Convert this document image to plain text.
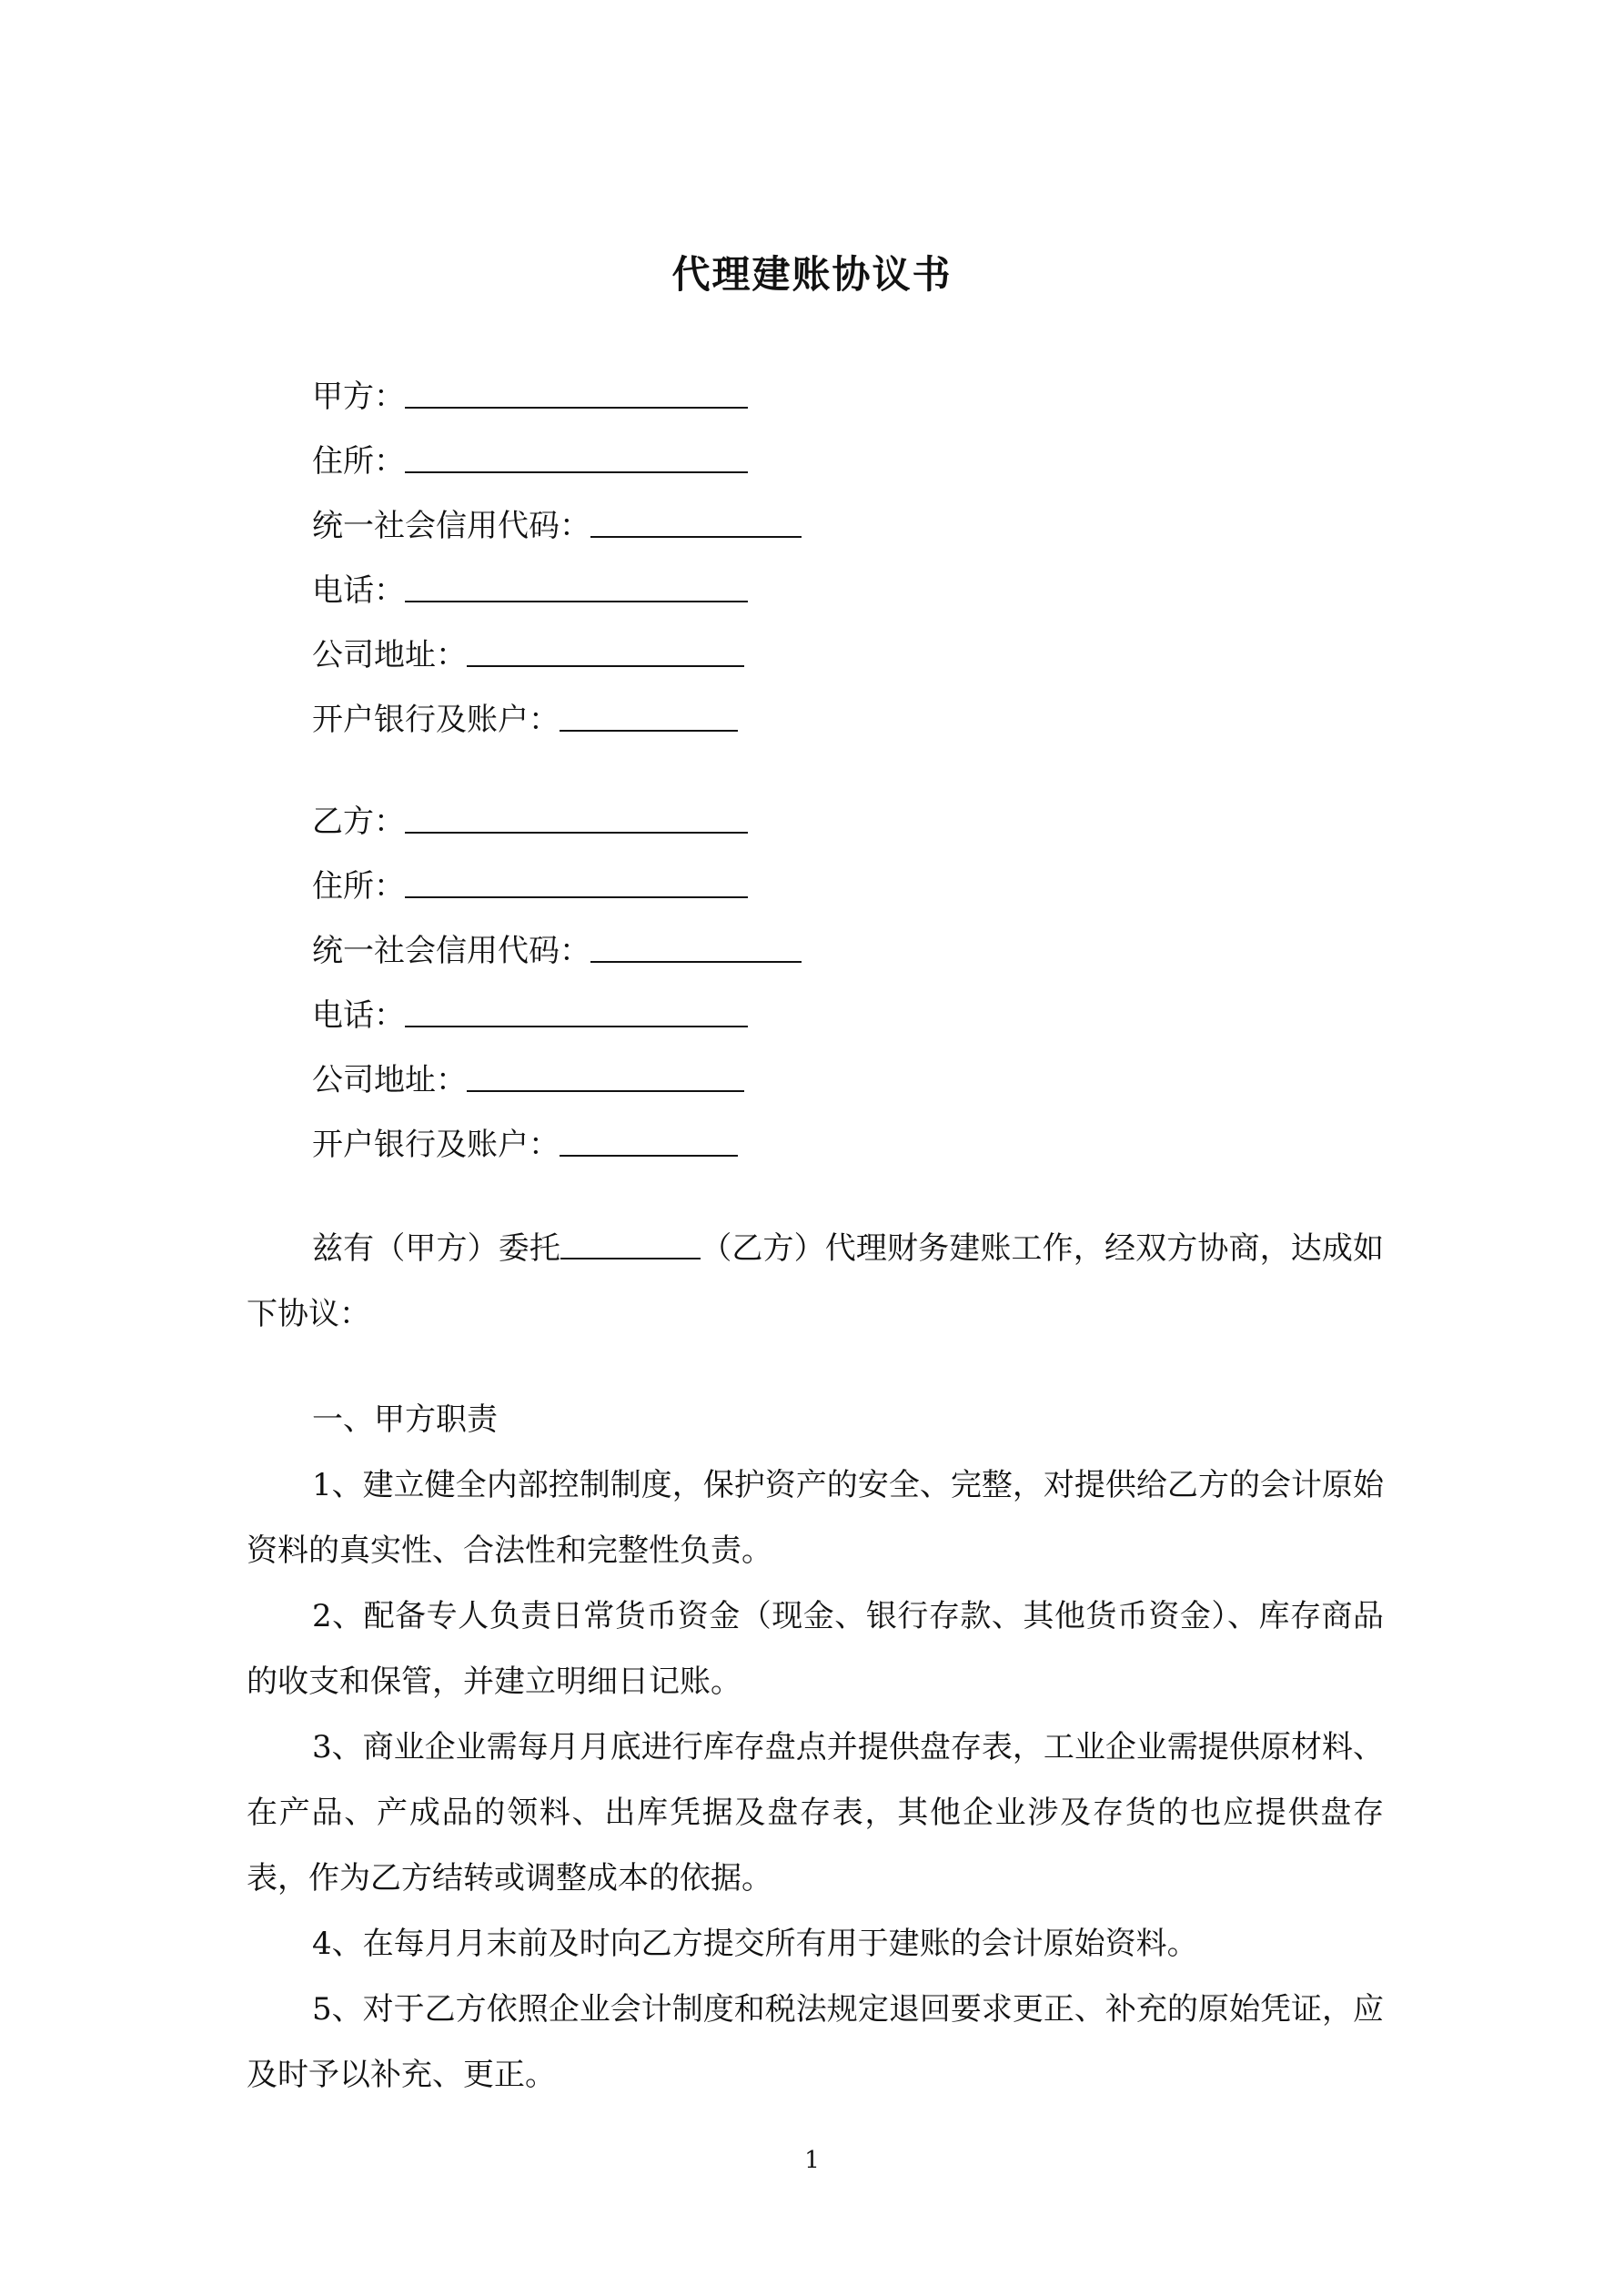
代理建账协议书
甲方：
住所：
统一社会信用代码：
电话：
公司地址：
开户银行及账户：
乙方：
住所：
统一社会信用代码：
电话：
公司地址：
开户银行及账户：

兹有（甲方）委托	（乙方）代理财务建账工作，经双方协商，达成如下协议：

一、甲方职责

1、建立健全内部控制制度，保护资产的安全、完整，对提供给乙方的会计原始资料的真实性、合法性和完整性负责。

2、配备专人负责日常货币资金（现金、银行存款、其他货币资金）、库存商品的收支和保管，并建立明细日记账。

3、商业企业需每月月底进行库存盘点并提供盘存表，工业企业需提供原材料、在产品、产成品的领料、出库凭据及盘存表，其他企业涉及存货的也应提供盘存表，作为乙方结转或调整成本的依据。

4、在每月月末前及时向乙方提交所有用于建账的会计原始资料。

5、对于乙方依照企业会计制度和税法规定退回要求更正、补充的原始凭证，应及时予以补充、更正。

1
